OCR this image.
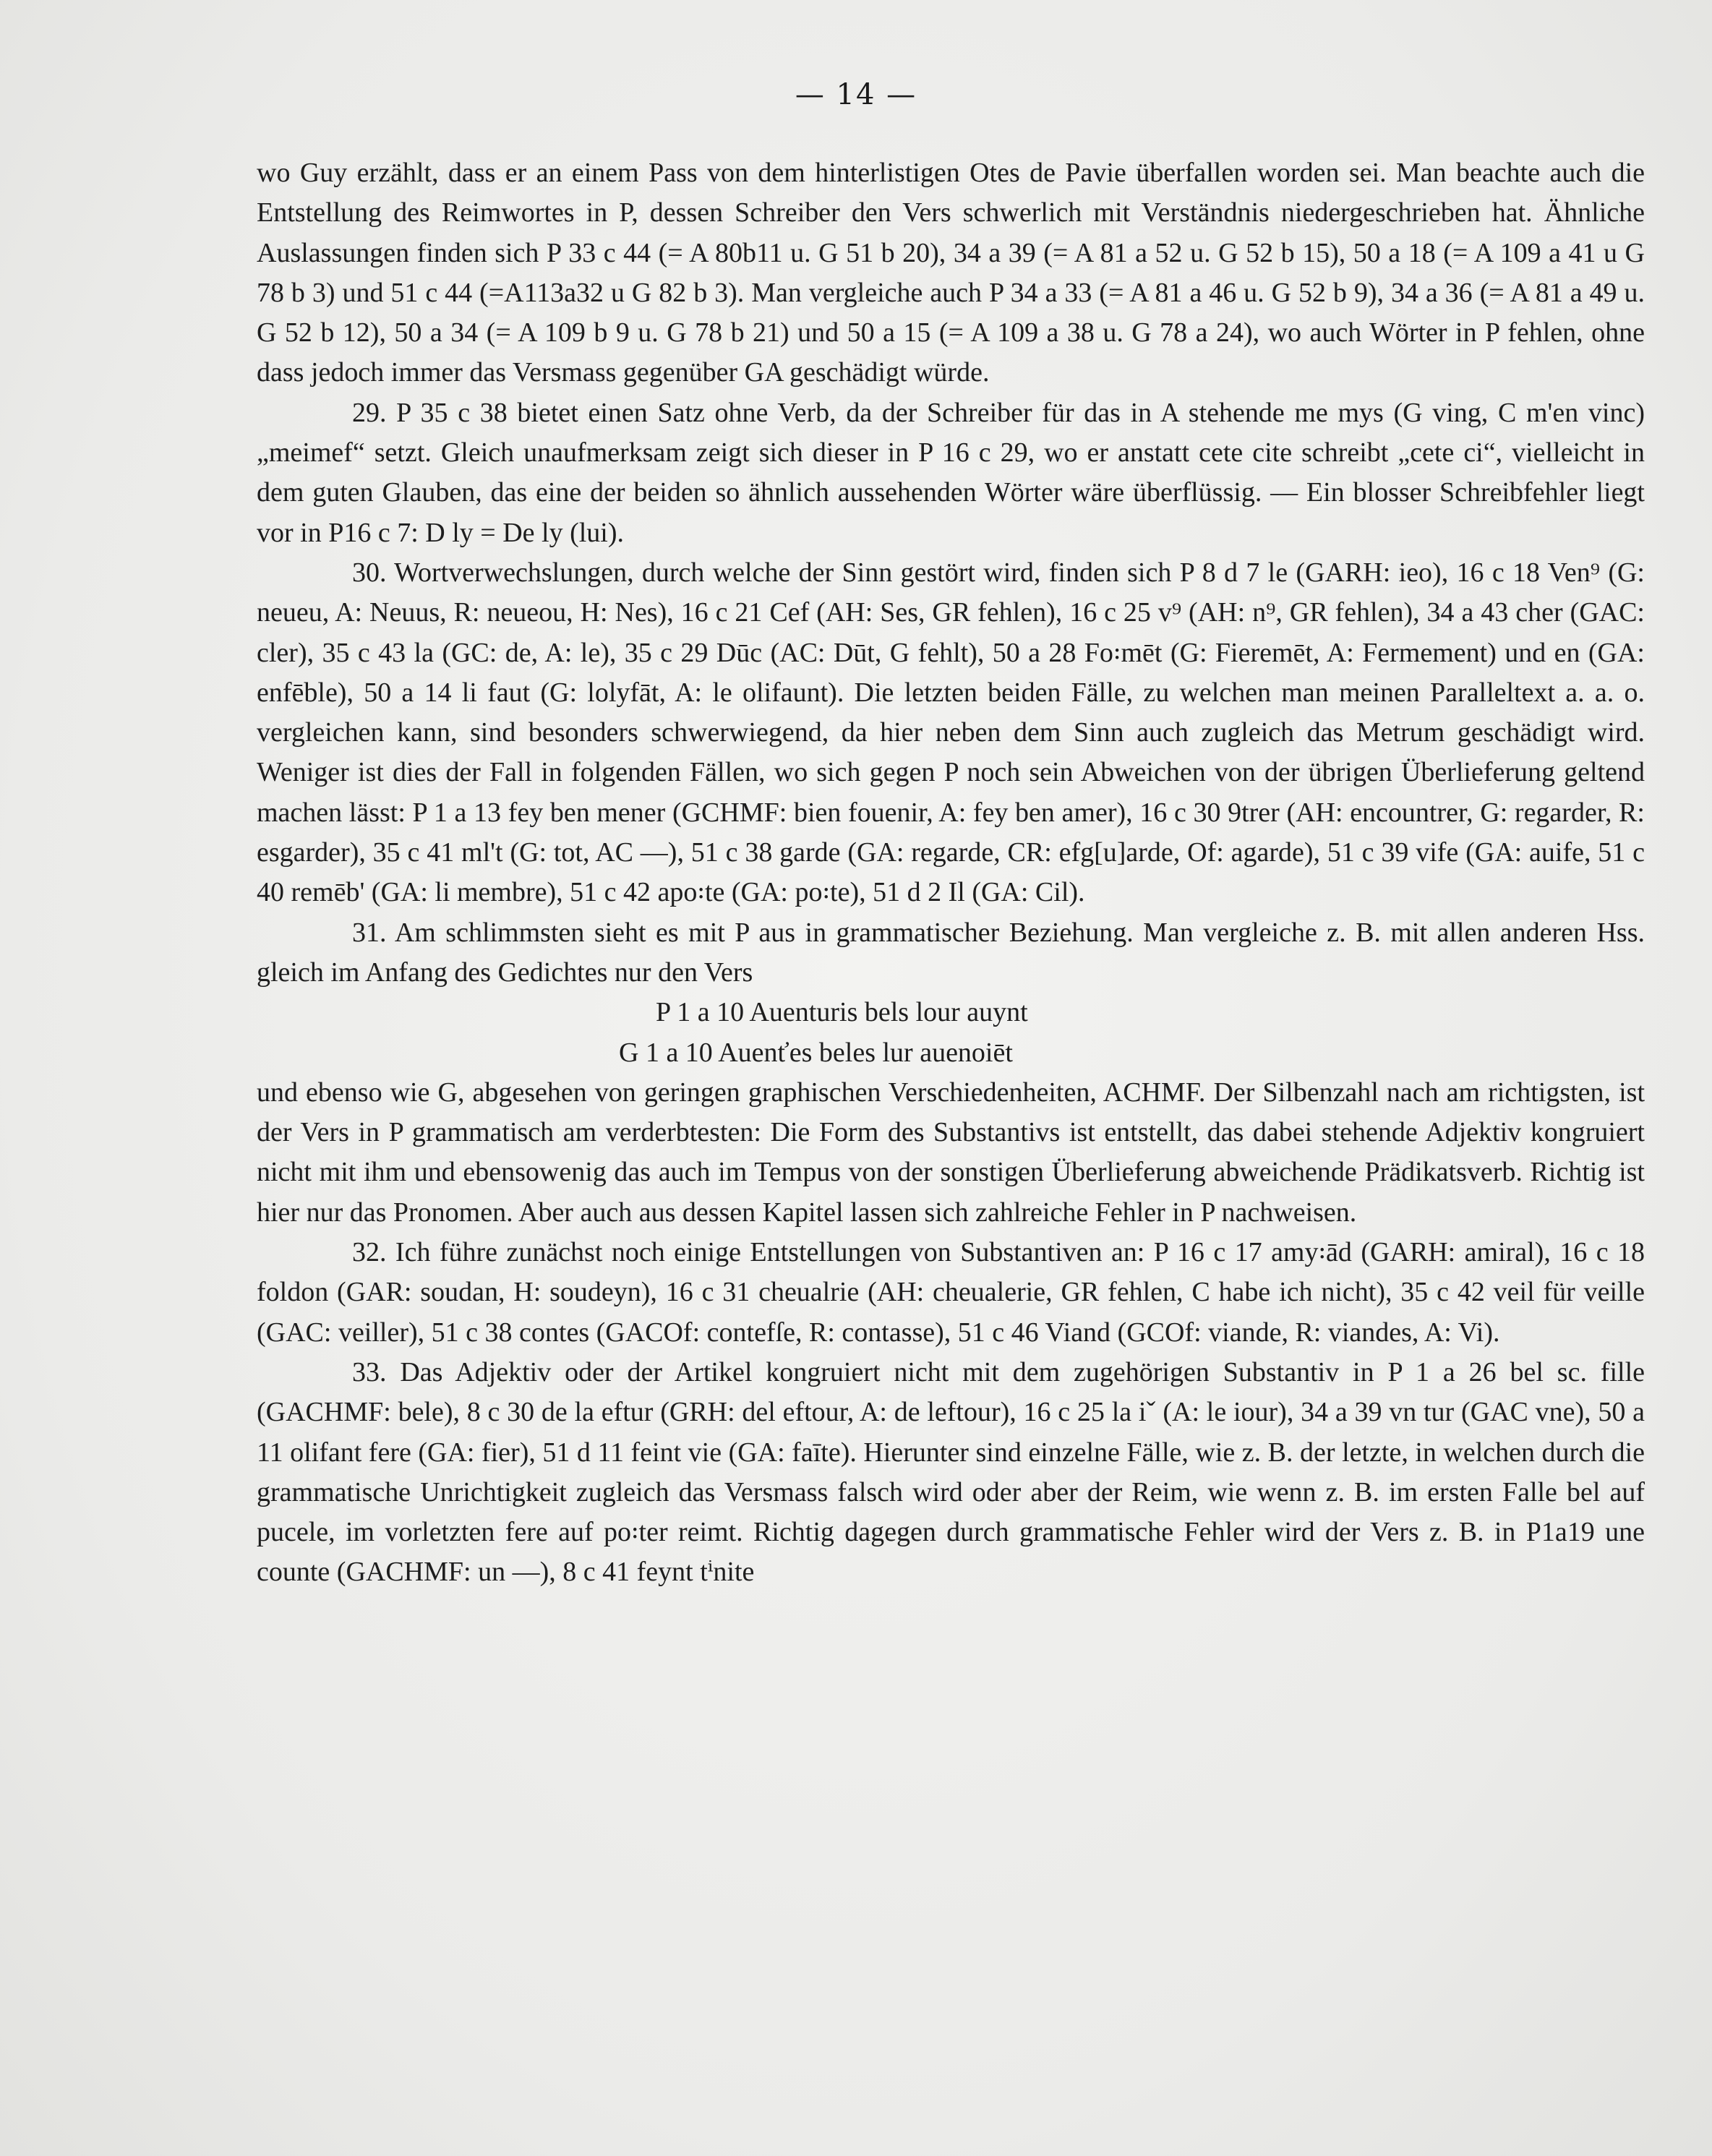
— 14 —

wo Guy erzählt, dass er an einem Pass von dem hinterlistigen Otes de Pavie überfallen worden sei. Man beachte auch die Entstellung des Reimwortes in P, dessen Schreiber den Vers schwerlich mit Verständnis niedergeschrieben hat. Ähnliche Auslassungen finden sich P 33 c 44 (= A 80b11 u. G 51 b 20), 34 a 39 (= A 81 a 52 u. G 52 b 15), 50 a 18 (= A 109 a 41 u G 78 b 3) und 51 c 44 (=A113a32 u G 82 b 3). Man vergleiche auch P 34 a 33 (= A 81 a 46 u. G 52 b 9), 34 a 36 (= A 81 a 49 u. G 52 b 12), 50 a 34 (= A 109 b 9 u. G 78 b 21) und 50 a 15 (= A 109 a 38 u. G 78 a 24), wo auch Wörter in P fehlen, ohne dass jedoch immer das Versmass gegenüber GA geschädigt würde.

29. P 35 c 38 bietet einen Satz ohne Verb, da der Schreiber für das in A stehende me mys (G ving, C m'en vinc) „meimef“ setzt. Gleich unaufmerksam zeigt sich dieser in P 16 c 29, wo er anstatt cete cite schreibt „cete ci“, vielleicht in dem guten Glauben, das eine der beiden so ähnlich aussehenden Wörter wäre überflüssig. — Ein blosser Schreibfehler liegt vor in P16 c 7: D ly = De ly (lui).

30. Wortverwechslungen, durch welche der Sinn gestört wird, finden sich P 8 d 7 le (GARH: ieo), 16 c 18 Ven⁹ (G: neueu, A: Neuus, R: neueou, H: Nes), 16 c 21 Cef (AH: Ses, GR fehlen), 16 c 25 v⁹ (AH: n⁹, GR fehlen), 34 a 43 cher (GAC: cler), 35 c 43 la (GC: de, A: le), 35 c 29 Dūc (AC: Dūt, G fehlt), 50 a 28 Fo꞉mēt (G: Fieremēt, A: Fermement) und en (GA: enfēble), 50 a 14 li faut (G: lolyfāt, A: le olifaunt). Die letzten beiden Fälle, zu welchen man meinen Paralleltext a. a. o. vergleichen kann, sind besonders schwerwiegend, da hier neben dem Sinn auch zugleich das Metrum geschädigt wird. Weniger ist dies der Fall in folgenden Fällen, wo sich gegen P noch sein Abweichen von der übrigen Überlieferung geltend machen lässt: P 1 a 13 fey ben mener (GCHMF: bien fouenir, A: fey ben amer), 16 c 30 9trer (AH: encountrer, G: regarder, R: esgarder), 35 c 41 ml't (G: tot, AC —), 51 c 38 garde (GA: regarde, CR: efg[u]arde, Of: agarde), 51 c 39 vife (GA: auife, 51 c 40 remēb' (GA: li membre), 51 c 42 apo꞉te (GA: po꞉te), 51 d 2 Il (GA: Cil).

31. Am schlimmsten sieht es mit P aus in grammatischer Beziehung. Man vergleiche z. B. mit allen anderen Hss. gleich im Anfang des Gedichtes nur den Vers

P 1 a 10 Auenturis bels lour auynt

G 1 a 10 Auenťes beles lur auenoiēt

und ebenso wie G, abgesehen von geringen graphischen Verschiedenheiten, ACHMF. Der Silbenzahl nach am richtigsten, ist der Vers in P grammatisch am verderbtesten: Die Form des Substantivs ist entstellt, das dabei stehende Adjektiv kongruiert nicht mit ihm und ebensowenig das auch im Tempus von der sonstigen Überlieferung abweichende Prädikatsverb. Richtig ist hier nur das Pronomen. Aber auch aus dessen Kapitel lassen sich zahlreiche Fehler in P nachweisen.

32. Ich führe zunächst noch einige Entstellungen von Substantiven an: P 16 c 17 amy꞉ād (GARH: amiral), 16 c 18 foldon (GAR: soudan, H: soudeyn), 16 c 31 cheualrie (AH: cheualerie, GR fehlen, C habe ich nicht), 35 c 42 veil für veille (GAC: veiller), 51 c 38 contes (GACOf: contefſe, R: contasse), 51 c 46 Viand (GCOf: viande, R: viandes, A: Vi).

33. Das Adjektiv oder der Artikel kongruiert nicht mit dem zugehörigen Substantiv in P 1 a 26 bel sc. fille (GACHMF: bele), 8 c 30 de la eftur (GRH: del eftour, A: de leftour), 16 c 25 la iˇ (A: le iour), 34 a 39 vn tur (GAC vne), 50 a 11 olifant fere (GA: fier), 51 d 11 feint vie (GA: faīte). Hierunter sind einzelne Fälle, wie z. B. der letzte, in welchen durch die grammatische Unrichtigkeit zugleich das Versmass falsch wird oder aber der Reim, wie wenn z. B. im ersten Falle bel auf pucele, im vorletzten fere auf po꞉ter reimt. Richtig dagegen durch grammatische Fehler wird der Vers z. B. in P1a19 une counte (GACHMF: un —), 8 c 41 feynt tⁱnite
